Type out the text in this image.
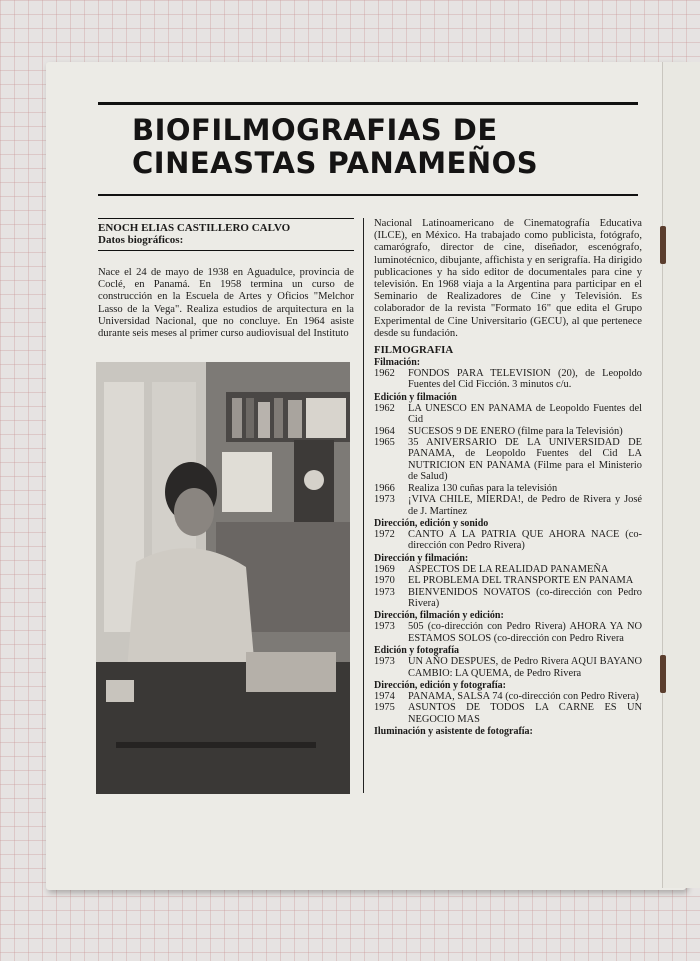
BIOFILMOGRAFIAS DE
CINEASTAS PANAMEÑOS

ENOCH ELIAS CASTILLERO CALVO

Datos biográficos:

Nace el 24 de mayo de 1938 en Aguadulce, provincia de Coclé, en Panamá. En 1958 termina un curso de construcción en la Escuela de Artes y Oficios "Melchor Lasso de la Vega". Realiza estudios de arquitectura en la Universidad Nacional, que no concluye. En 1964 asiste durante seis meses al primer curso audiovisual del Instituto

Nacional Latinoamericano de Cinematografía Educativa (ILCE), en México. Ha trabajado como publicista, fotógrafo, camarógrafo, director de cine, diseñador, escenógrafo, luminotécnico, dibujante, affichista y en serigrafía. Ha dirigido publicaciones y ha sido editor de documentales para cine y televisión. En 1968 viaja a la Argentina para participar en el Seminario de Realizadores de Cine y Televisión. Es colaborador de la revista "Formato 16" que edita el Grupo Experimental de Cine Universitario (GECU), al que pertenece desde su fundación.

FILMOGRAFIA

Filmación:

1962	FONDOS PARA TELEVISION (20), de Leopoldo Fuentes del Cid Ficción. 3 minutos c/u.

Edición y filmación

1962	LA UNESCO EN PANAMA de Leopoldo Fuentes del Cid
1964	SUCESOS 9 DE ENERO (filme para la Televisión)
1965	35 ANIVERSARIO DE LA UNIVERSIDAD DE PANAMA, de Leopoldo Fuentes del Cid LA NUTRICION EN PANAMA (Filme para el Ministerio de Salud)
1966	Realiza 130 cuñas para la televisión
1973	¡VIVA CHILE, MIERDA!, de Pedro de Rivera y José de J. Martínez

Dirección, edición y sonido

1972	CANTO A LA PATRIA QUE AHORA NACE (co-dirección con Pedro Rivera)

Dirección y filmación:

1969	ASPECTOS DE LA REALIDAD PANAMEÑA
1970	EL PROBLEMA DEL TRANSPORTE EN PANAMA
1973	BIENVENIDOS NOVATOS (co-dirección con Pedro Rivera)

Dirección, filmación y edición:

1973	505 (co-dirección con Pedro Rivera) AHORA YA NO ESTAMOS SOLOS (co-dirección con Pedro Rivera

Edición y fotografía

1973	UN AÑO DESPUES, de Pedro Rivera AQUI BAYANO CAMBIO: LA QUEMA, de Pedro Rivera

Dirección, edición y fotografía:

1974	PANAMA, SALSA 74 (co-dirección con Pedro Rivera)
1975	ASUNTOS DE TODOS LA CARNE ES UN NEGOCIO MAS

Iluminación y asistente de fotografía:
